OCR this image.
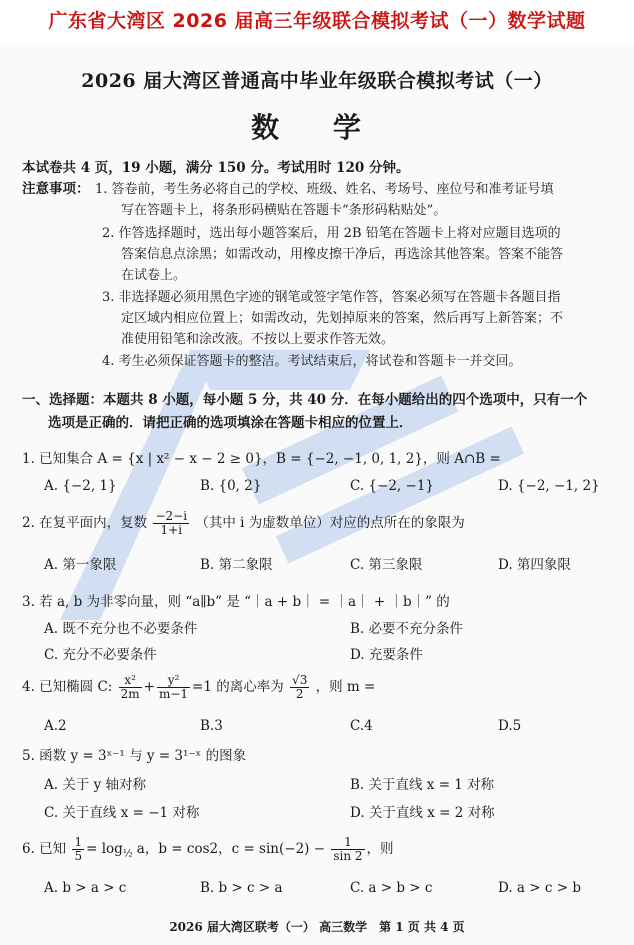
广东省大湾区 2026 届高三年级联合模拟考试（一）数学试题
2026 届大湾区普通高中毕业年级联合模拟考试（一）
数 学
本试卷共 4 页，19 小题，满分 150 分。考试用时 120 分钟。
注意事项： 1. 答卷前，考生务必将自己的学校、班级、姓名、考场号、座位号和准考证号填
写在答题卡上，将条形码横贴在答题卡“条形码粘贴处”。
2. 作答选择题时，选出每小题答案后，用 2B 铅笔在答题卡上将对应题目选项的
答案信息点涂黑；如需改动，用橡皮擦干净后，再选涂其他答案。答案不能答
在试卷上。
3. 非选择题必须用黑色字迹的钢笔或签字笔作答，答案必须写在答题卡各题目指
定区域内相应位置上；如需改动，先划掉原来的答案，然后再写上新答案；不
准使用铅笔和涂改液。不按以上要求作答无效。
4. 考生必须保证答题卡的整洁。考试结束后，将试卷和答题卡一并交回。
一、选择题：本题共 8 小题，每小题 5 分，共 40 分．在每小题给出的四个选项中，只有一个
选项是正确的．请把正确的选项填涂在答题卡相应的位置上．
1. 已知集合 A = {x | x² − x − 2 ≥ 0}，B = {−2, −1, 0, 1, 2}，则 A∩B =
A. {−2, 1}	B. {0, 2}	C. {−2, −1}	D. {−2, −1, 2}
2. 在复平面内，复数 $\frac{-2-i}{1+i}$ （其中 i 为虚数单位）对应的点所在的象限为
A. 第一象限	B. 第二象限	C. 第三象限	D. 第四象限
3. 若 a, b 为非零向量，则 “a∥b” 是 “｜a + b｜ = ｜a｜ + ｜b｜” 的
A. 既不充分也不必要条件	B. 必要不充分条件
C. 充分不必要条件	D. 充要条件
4. 已知椭圆 C: $\frac{\text{x²}}{2m} + \frac{\text{y²}}{m-1} =1$ 的离心率为 $\frac{√3}{2}$ ，则 m =
A.2	B.3	C.4	D.5
5. 函数 y = 3ˣ⁻¹ 与 y = 3¹⁻ˣ 的图象
A. 关于 y 轴对称	B. 关于直线 x = 1 对称
C. 关于直线 x = −1 对称	D. 关于直线 x = 2 对称
6. 已知 $\frac{1}{5} = \log_{\frac{1}{2}} a$，b = cos2，$c = \sin(-2) - \frac{1}{\sin 2}$ ，则
A. b > a > c	B. b > c > a	C. a > b > c	D. a > c > b
2026 届大湾区联考（一） 高三数学　第 1 页 共 4 页
